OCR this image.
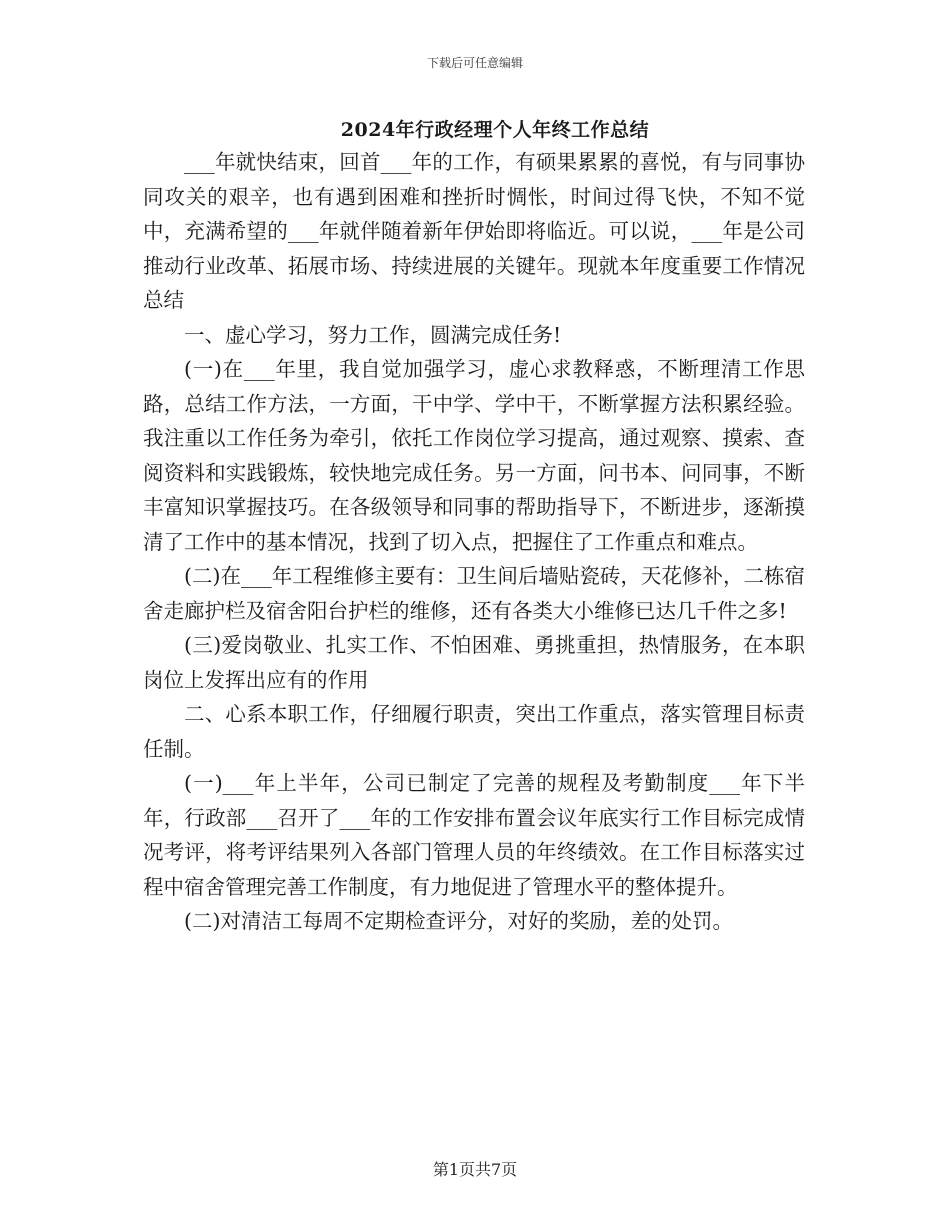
下载后可任意编辑
2024年行政经理个人年终工作总结

___年就快结束，回首___年的工作，有硕果累累的喜悦，有与同事协同攻关的艰辛，也有遇到困难和挫折时惆怅，时间过得飞快，不知不觉中，充满希望的___年就伴随着新年伊始即将临近。可以说，___年是公司推动行业改革、拓展市场、持续进展的关键年。现就本年度重要工作情况总结

一、虚心学习，努力工作，圆满完成任务!

(一)在___年里，我自觉加强学习，虚心求教释惑，不断理清工作思路，总结工作方法，一方面，干中学、学中干，不断掌握方法积累经验。我注重以工作任务为牵引，依托工作岗位学习提高，通过观察、摸索、查阅资料和实践锻炼，较快地完成任务。另一方面，问书本、问同事，不断丰富知识掌握技巧。在各级领导和同事的帮助指导下，不断进步，逐渐摸清了工作中的基本情况，找到了切入点，把握住了工作重点和难点。

(二)在___年工程维修主要有：卫生间后墙贴瓷砖，天花修补，二栋宿舍走廊护栏及宿舍阳台护栏的维修，还有各类大小维修已达几千件之多!

(三)爱岗敬业、扎实工作、不怕困难、勇挑重担，热情服务，在本职岗位上发挥出应有的作用

二、心系本职工作，仔细履行职责，突出工作重点，落实管理目标责任制。

(一)___年上半年，公司已制定了完善的规程及考勤制度___年下半年，行政部___召开了___年的工作安排布置会议年底实行工作目标完成情况考评，将考评结果列入各部门管理人员的年终绩效。在工作目标落实过程中宿舍管理完善工作制度，有力地促进了管理水平的整体提升。

(二)对清洁工每周不定期检查评分，对好的奖励，差的处罚。

第1页共7页
